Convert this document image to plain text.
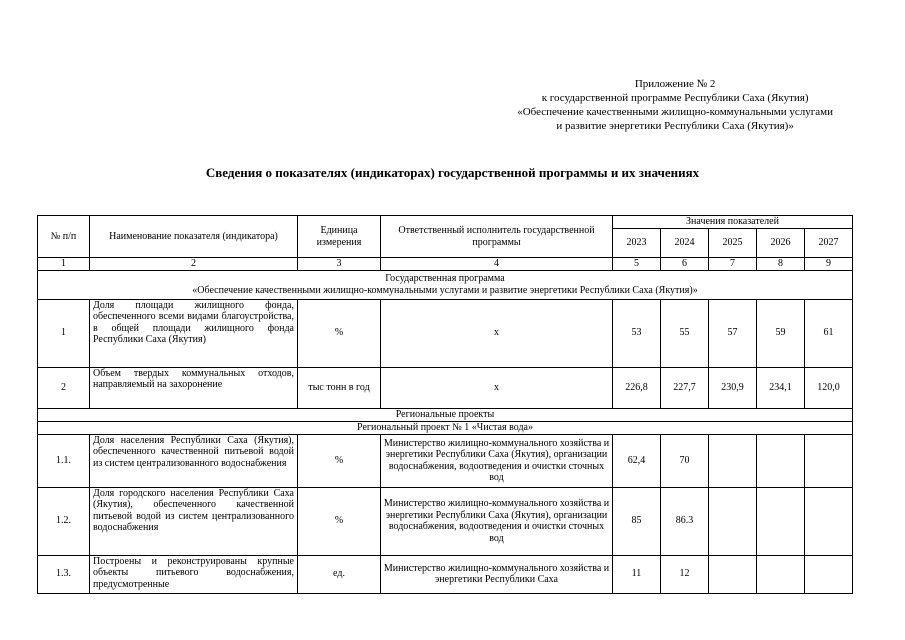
Приложение № 2
к государственной программе Республики Саха (Якутия)
«Обеспечение качественными жилищно-коммунальными услугами
и развитие энергетики Республики Саха (Якутия)»
Сведения о показателях (индикаторах) государственной программы и их значениях
№ п/п	Наименование показателя (индикатора)	Единица измерения	Ответственный исполнитель государственной программы	Значения показателей				
				2023	2024	2025	2026	2027
1	2	3	4	5	6	7	8	9

Государственная программа
«Обеспечение качественными жилищно-коммунальными услугами и развитие энергетики Республики Саха (Якутия)»								

1	Доля площади жилищного фонда, обеспеченного всеми видами благоустройства, в общей площади жилищного фонда Республики Саха (Якутия)	%	х	53	55	57	59	61
2	Объем твердых коммунальных отходов, направляемый на захоронение	тыс тонн в год	х	226,8	227,7	230,9	234,1	120,0
Региональные проекты								
Региональный проект № 1 «Чистая вода»								
1.1.	Доля населения Республики Саха (Якутия), обеспеченного качественной питьевой водой из систем централизованного водоснабжения	%	Министерство жилищно-коммунального хозяйства и энергетики Республики Саха (Якутия), организации водоснабжения, водоотведения и очистки сточных вод	62,4	70			
1.2.	Доля городского населения Республики Саха (Якутия), обеспеченного качественной питьевой водой из систем централизованного водоснабжения	%	Министерство жилищно-коммунального хозяйства и энергетики Республики Саха (Якутия), организации водоснабжения, водоотведения и очистки сточных вод	85	86.3			
1.3.	Построены и реконструированы крупные объекты питьевого водоснабжения, предусмотренные	ед.	Министерство жилищно-коммунального хозяйства и энергетики Республики Саха	11	12			
